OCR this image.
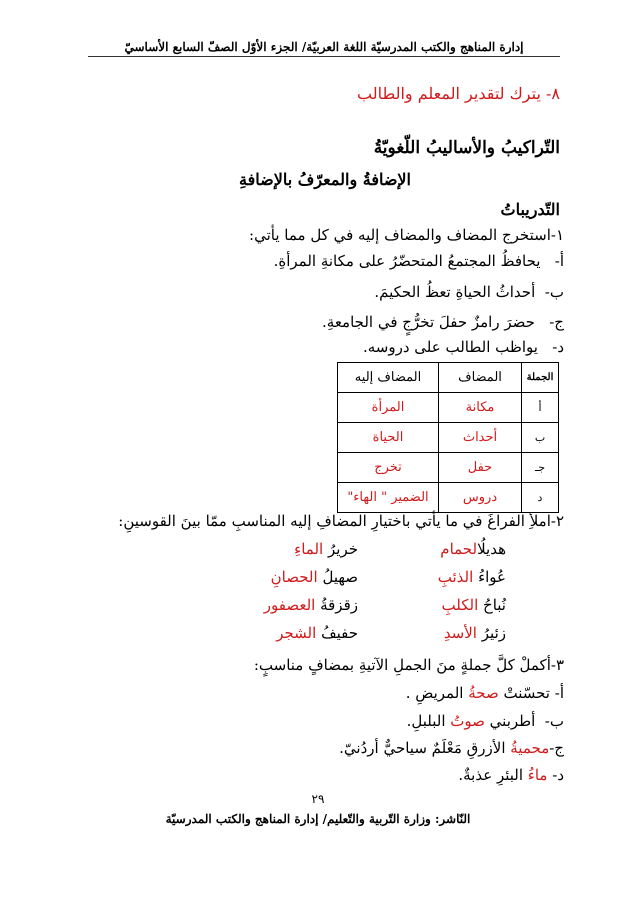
إدارة المناهج والكتب المدرسيّة اللغة العربيّة/ الجزء الأوّل الصفّ السابع الأساسيّ
٨- يترك لتقدير المعلم والطالب
التّراكيبُ والأساليبُ اللّغويّةُ
الإضافةُ والمعرّفُ بالإضافةِ
التّدريباتُ
١-استخرج المضاف والمضاف إليه في كل مما يأتي:
أ-   يحافظُ المجتمعُ المتحضّرُ على مكانةِ المرأةِ.
ب-  أحداثُ الحياةِ تعظُ الحكيمَ.
ج-   حضرَ رامزٌ حفلَ تخرُّجٍ في الجامعةِ.
د-   يواظب الطالب على دروسه.
الجملة	المضاف	المضاف إليه
أ	مكانة	المرأة
ب	أحداث	الحياة
جـ	حفل	تخرج
د	دروس	الضمير " الهاء"
٢-املأِ الفراغَ في ما يأتي باختيارِ المضافِ إليه المناسبِ ممّا بينَ القوسينِ:
هديلُالحمام
خريرُ الماءِ
عُواءُ الذئبِ
صهيلُ الحصانِ
نُباحُ الكلبِ
زقزقةُ العصفور
زئيرُ الأسدِ
حفيفُ الشجر
٣-أكملْ كلَّ جملةٍ منَ الجملِ الآتيةِ بمضافٍ مناسبٍ:
أ- تحسّنتْ صحةُ المريضِ .
ب-  أطربني صوتُ البلبلِ.
ج-محميةُ الأزرقِ مَعْلَمٌ سياحيٌّ أردُنيّ.
د- ماءُ البئرِ عذبةٌ.
٢٩
النّاشر: وزارة التّربية والتّعليم/ إدارة المناهج والكتب المدرسيّة
